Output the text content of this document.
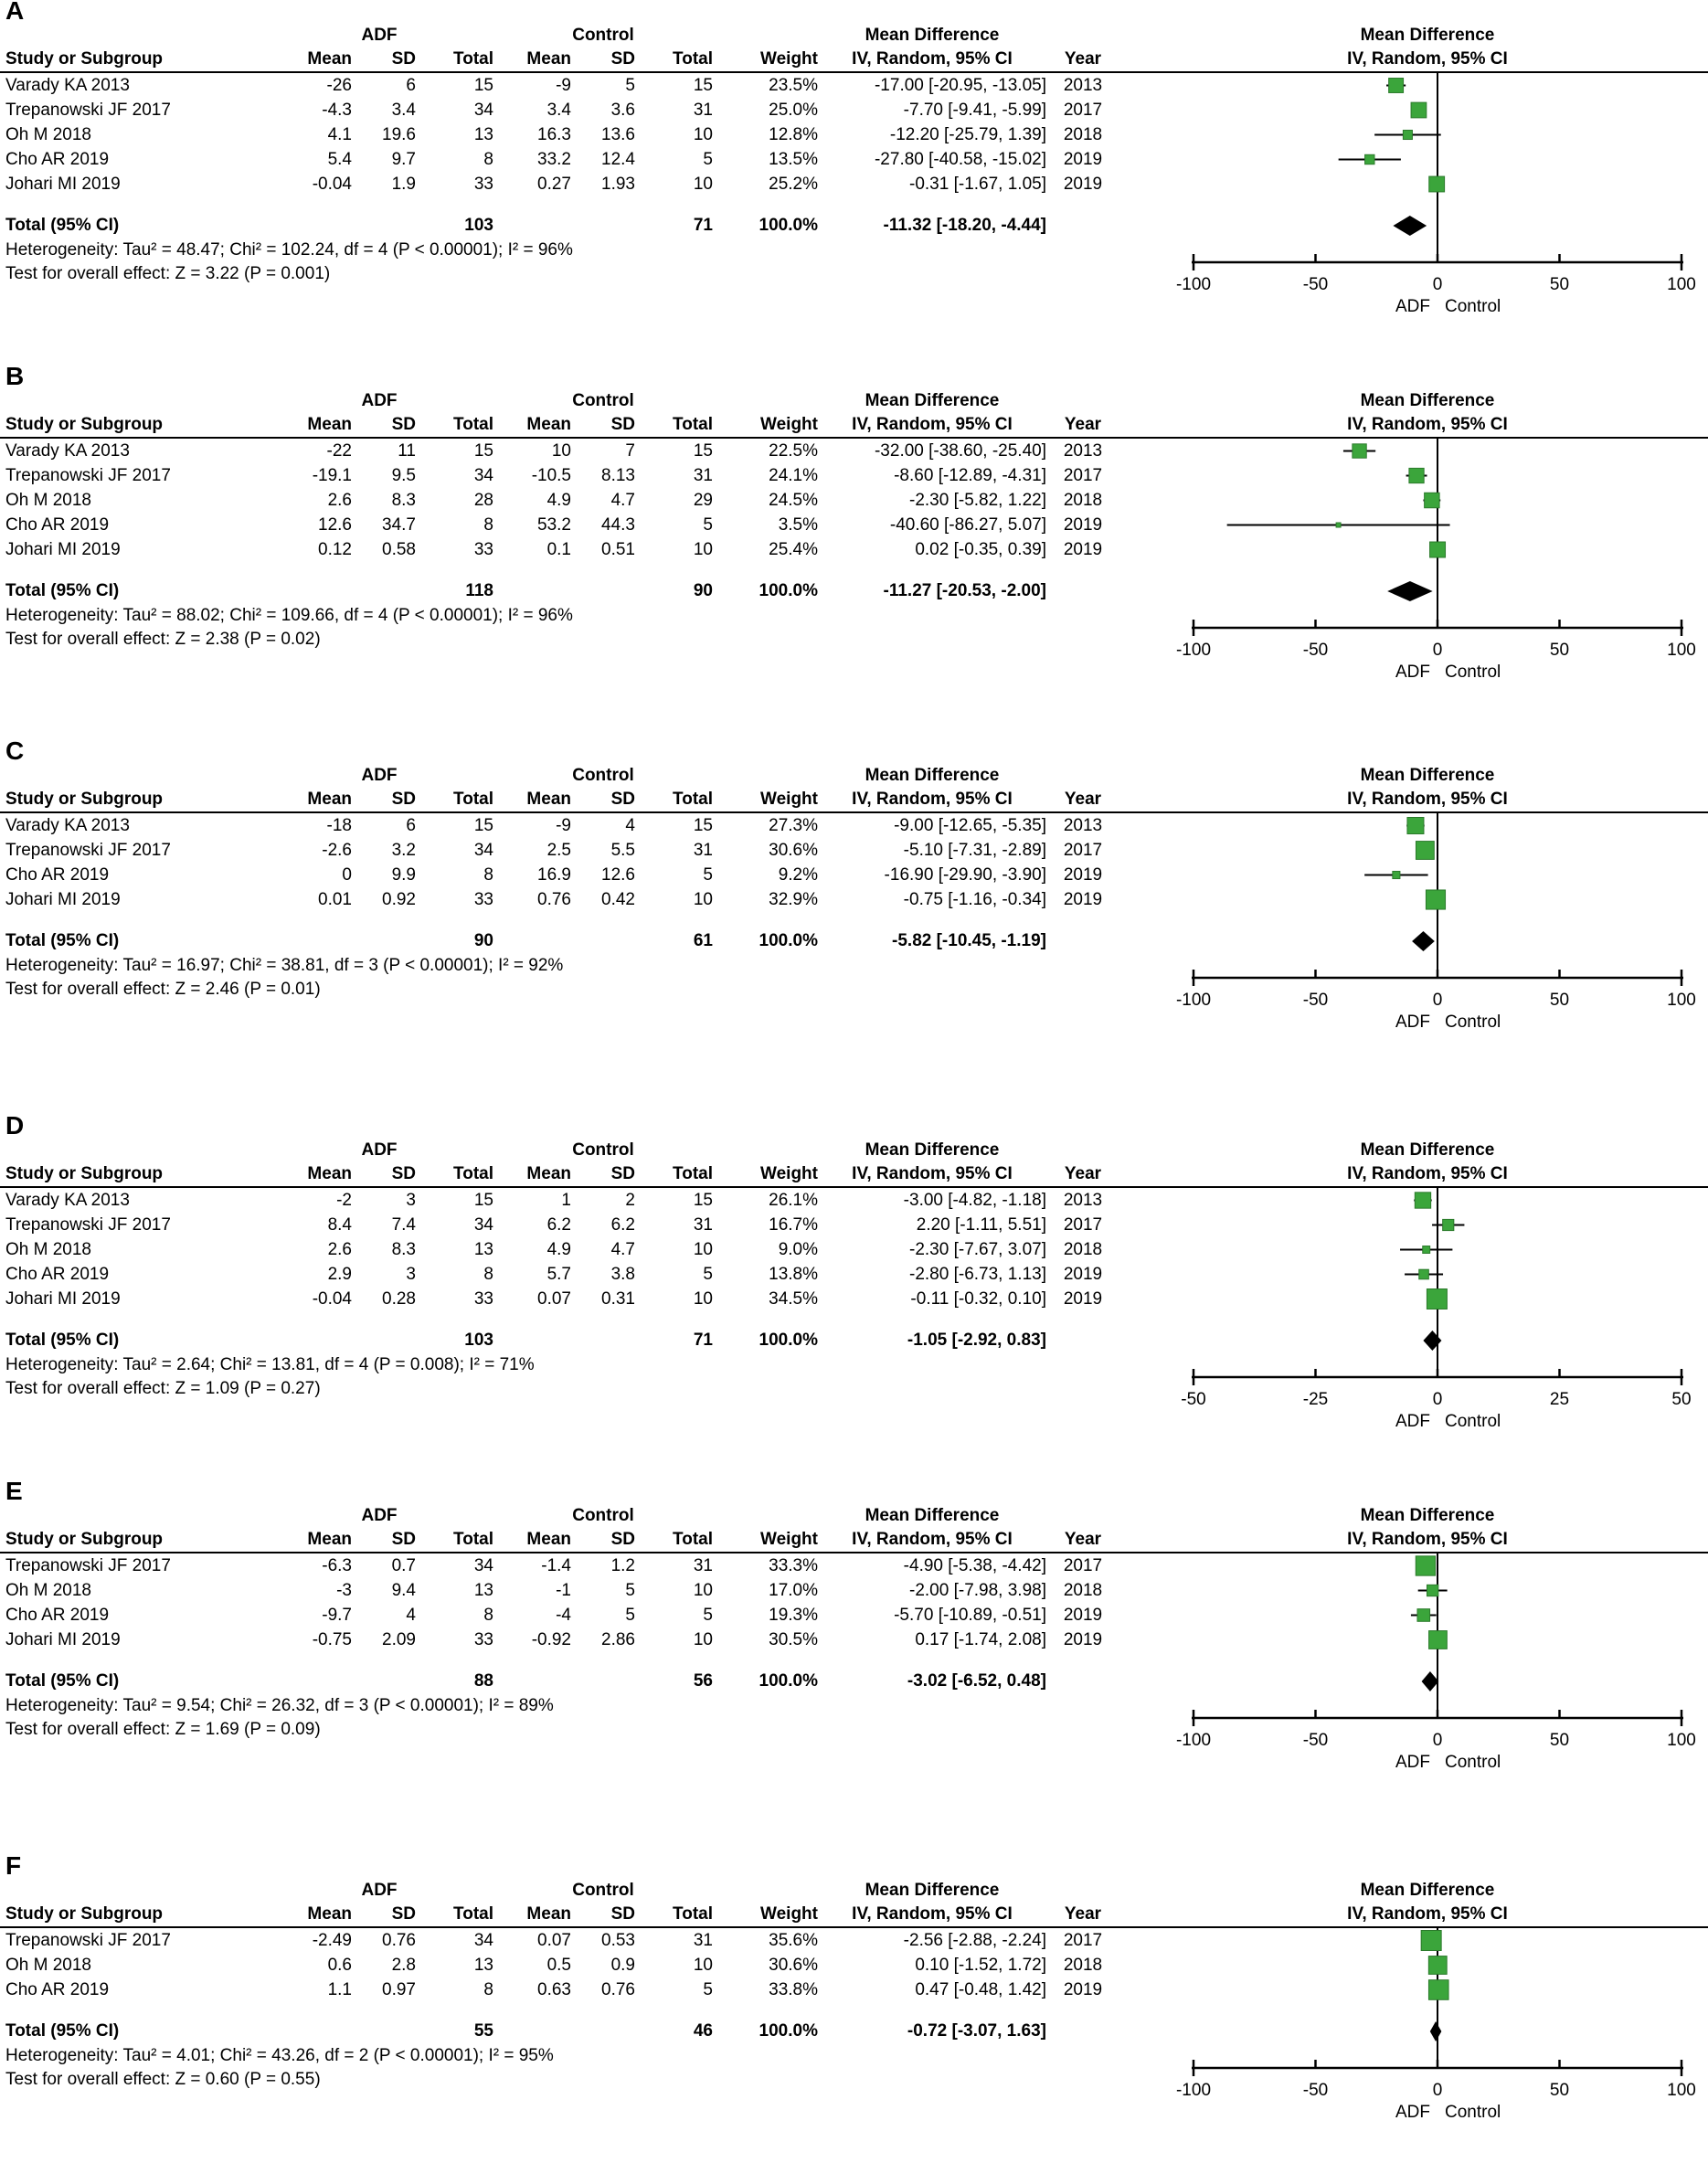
A
ADF	Control	Mean Difference
Study or Subgroup	Mean	SD	Total	Mean	SD	Total	Weight	IV, Random, 95% CI	Year
Varady KA 2013	-26	6	15	-9	5	15	23.5%	-17.00 [-20.95, -13.05] 2013
Trepanowski JF 2017	-4.3	3.4	34	3.4	3.6	31	25.0%	-7.70 [-9.41, -5.99] 2017
Oh M 2018	4.1	19.6	13	16.3	13.6	10	12.8%	-12.20 [-25.79, 1.39] 2018
Cho AR 2019	5.4	9.7	8	33.2	12.4	5	13.5%	-27.80 [-40.58, -15.02] 2019
Johari MI 2019	-0.04	1.9	33	0.27	1.93	10	25.2%	-0.31 [-1.67, 1.05] 2019
Total (95% CI)	103	71	100.0%	-11.32 [-18.20, -4.44]
Heterogeneity: Tau² = 48.47; Chi² = 102.24, df = 4 (P < 0.00001); I² = 96%
Test for overall effect: Z = 3.22 (P = 0.001)
Mean Difference
IV, Random, 95% CI
-100	-50	0	50	100
ADF Control
B
ADF	Control	Mean Difference
Study or Subgroup	Mean	SD	Total	Mean	SD	Total	Weight	IV, Random, 95% CI	Year
Varady KA 2013	-22	11	15	10	7	15	22.5%	-32.00 [-38.60, -25.40] 2013
Trepanowski JF 2017	-19.1	9.5	34	-10.5	8.13	31	24.1%	-8.60 [-12.89, -4.31] 2017
Oh M 2018	2.6	8.3	28	4.9	4.7	29	24.5%	-2.30 [-5.82, 1.22] 2018
Cho AR 2019	12.6	34.7	8	53.2	44.3	5	3.5%	-40.60 [-86.27, 5.07] 2019
Johari MI 2019	0.12	0.58	33	0.1	0.51	10	25.4%	0.02 [-0.35, 0.39] 2019
Total (95% CI)	118	90	100.0%	-11.27 [-20.53, -2.00]
Heterogeneity: Tau² = 88.02; Chi² = 109.66, df = 4 (P < 0.00001); I² = 96%
Test for overall effect: Z = 2.38 (P = 0.02)
Mean Difference
IV, Random, 95% CI
-100	-50	0	50	100
ADF Control
C
ADF	Control	Mean Difference
Study or Subgroup	Mean	SD	Total	Mean	SD	Total	Weight	IV, Random, 95% CI	Year
Varady KA 2013	-18	6	15	-9	4	15	27.3%	-9.00 [-12.65, -5.35] 2013
Trepanowski JF 2017	-2.6	3.2	34	2.5	5.5	31	30.6%	-5.10 [-7.31, -2.89] 2017
Cho AR 2019	0	9.9	8	16.9	12.6	5	9.2%	-16.90 [-29.90, -3.90] 2019
Johari MI 2019	0.01	0.92	33	0.76	0.42	10	32.9%	-0.75 [-1.16, -0.34] 2019
Total (95% CI)	90	61	100.0%	-5.82 [-10.45, -1.19]
Heterogeneity: Tau² = 16.97; Chi² = 38.81, df = 3 (P < 0.00001); I² = 92%
Test for overall effect: Z = 2.46 (P = 0.01)
Mean Difference
IV, Random, 95% CI
-100	-50	0	50	100
ADF Control
D
ADF	Control	Mean Difference
Study or Subgroup	Mean	SD	Total	Mean	SD	Total	Weight	IV, Random, 95% CI	Year
Varady KA 2013	-2	3	15	1	2	15	26.1%	-3.00 [-4.82, -1.18] 2013
Trepanowski JF 2017	8.4	7.4	34	6.2	6.2	31	16.7%	2.20 [-1.11, 5.51] 2017
Oh M 2018	2.6	8.3	13	4.9	4.7	10	9.0%	-2.30 [-7.67, 3.07] 2018
Cho AR 2019	2.9	3	8	5.7	3.8	5	13.8%	-2.80 [-6.73, 1.13] 2019
Johari MI 2019	-0.04	0.28	33	0.07	0.31	10	34.5%	-0.11 [-0.32, 0.10] 2019
Total (95% CI)	103	71	100.0%	-1.05 [-2.92, 0.83]
Heterogeneity: Tau² = 2.64; Chi² = 13.81, df = 4 (P = 0.008); I² = 71%
Test for overall effect: Z = 1.09 (P = 0.27)
Mean Difference
IV, Random, 95% CI
-50	-25	0	25	50
ADF Control
E
ADF	Control	Mean Difference
Study or Subgroup	Mean	SD	Total	Mean	SD	Total	Weight	IV, Random, 95% CI	Year
Trepanowski JF 2017	-6.3	0.7	34	-1.4	1.2	31	33.3%	-4.90 [-5.38, -4.42] 2017
Oh M 2018	-3	9.4	13	-1	5	10	17.0%	-2.00 [-7.98, 3.98] 2018
Cho AR 2019	-9.7	4	8	-4	5	5	19.3%	-5.70 [-10.89, -0.51] 2019
Johari MI 2019	-0.75	2.09	33	-0.92	2.86	10	30.5%	0.17 [-1.74, 2.08] 2019
Total (95% CI)	88	56	100.0%	-3.02 [-6.52, 0.48]
Heterogeneity: Tau² = 9.54; Chi² = 26.32, df = 3 (P < 0.00001); I² = 89%
Test for overall effect: Z = 1.69 (P = 0.09)
Mean Difference
IV, Random, 95% CI
-100	-50	0	50	100
ADF Control
F
ADF	Control	Mean Difference
Study or Subgroup	Mean	SD	Total	Mean	SD	Total	Weight	IV, Random, 95% CI	Year
Trepanowski JF 2017	-2.49	0.76	34	0.07	0.53	31	35.6%	-2.56 [-2.88, -2.24] 2017
Oh M 2018	0.6	2.8	13	0.5	0.9	10	30.6%	0.10 [-1.52, 1.72] 2018
Cho AR 2019	1.1	0.97	8	0.63	0.76	5	33.8%	0.47 [-0.48, 1.42] 2019
Total (95% CI)	55	46	100.0%	-0.72 [-3.07, 1.63]
Heterogeneity: Tau² = 4.01; Chi² = 43.26, df = 2 (P < 0.00001); I² = 95%
Test for overall effect: Z = 0.60 (P = 0.55)
Mean Difference
IV, Random, 95% CI
-100	-50	0	50	100
ADF Control
